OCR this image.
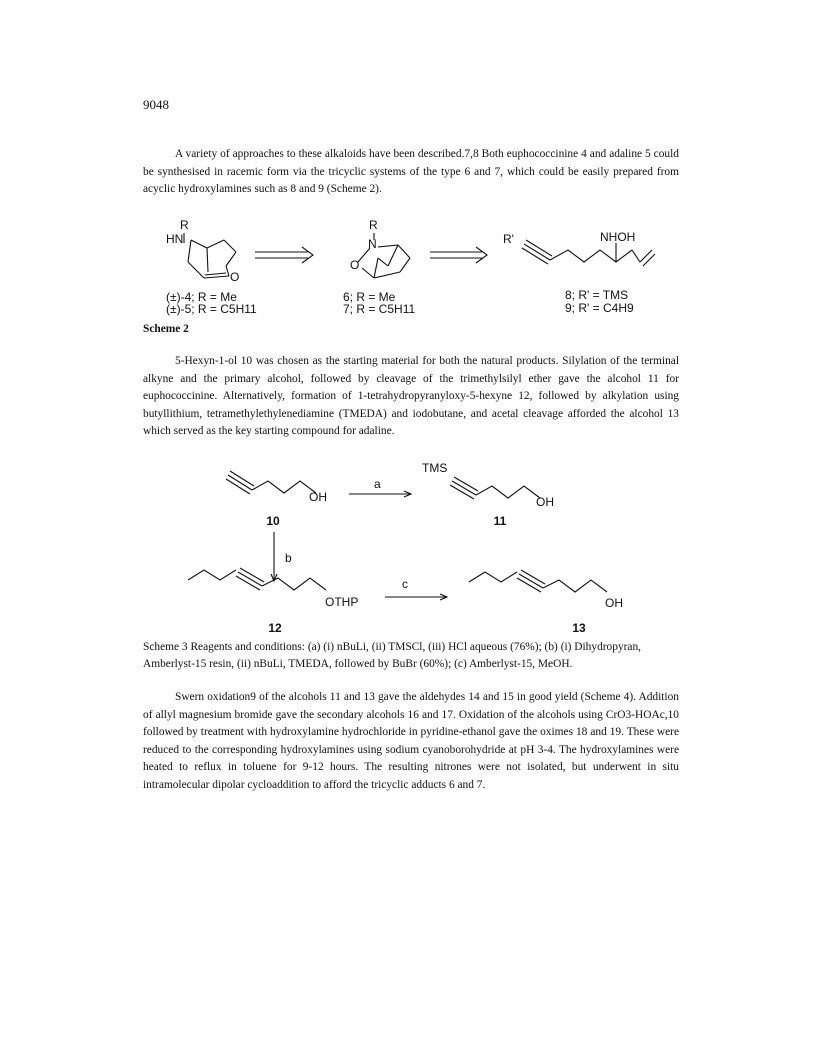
9048

A variety of approaches to these alkaloids have been described.7,8 Both euphococcinine 4 and adaline 5 could be synthesised in racemic form via the tricyclic systems of the type 6 and 7, which could be easily prepared from acyclic hydroxylamines such as 8 and 9 (Scheme 2).

R
HN
O
R
N
O
R'	NHOH
(±)-4; R = Me
(±)-5; R = C5H11
6; R = Me
7; R = C5H11
8; R' = TMS
9; R' = C4H9
Scheme 2

5-Hexyn-1-ol 10 was chosen as the starting material for both the natural products. Silylation of the terminal alkyne and the primary alcohol, followed by cleavage of the trimethylsilyl ether gave the alcohol 11 for euphococcinine. Alternatively, formation of 1-tetrahydropyranyloxy-5-hexyne 12, followed by alkylation using butyllithium, tetramethylethylenediamine (TMEDA) and iodobutane, and acetal cleavage afforded the alcohol 13 which served as the key starting compound for adaline.

OH
10
a
TMS
OH
11
b
OTHP
12
c
OH
13
Scheme 3 Reagents and conditions: (a) (i) nBuLi, (ii) TMSCl, (iii) HCl aqueous (76%); (b) (i) Dihydropyran, Amberlyst-15 resin, (ii) nBuLi, TMEDA, followed by BuBr (60%); (c) Amberlyst-15, MeOH.

Swern oxidation9 of the alcohols 11 and 13 gave the aldehydes 14 and 15 in good yield (Scheme 4). Addition of allyl magnesium bromide gave the secondary alcohols 16 and 17. Oxidation of the alcohols using CrO3-HOAc,10 followed by treatment with hydroxylamine hydrochloride in pyridine-ethanol gave the oximes 18 and 19. These were reduced to the corresponding hydroxylamines using sodium cyanoborohydride at pH 3-4. The hydroxylamines were heated to reflux in toluene for 9-12 hours. The resulting nitrones were not isolated, but underwent in situ intramolecular dipolar cycloaddition to afford the tricyclic adducts 6 and 7.
